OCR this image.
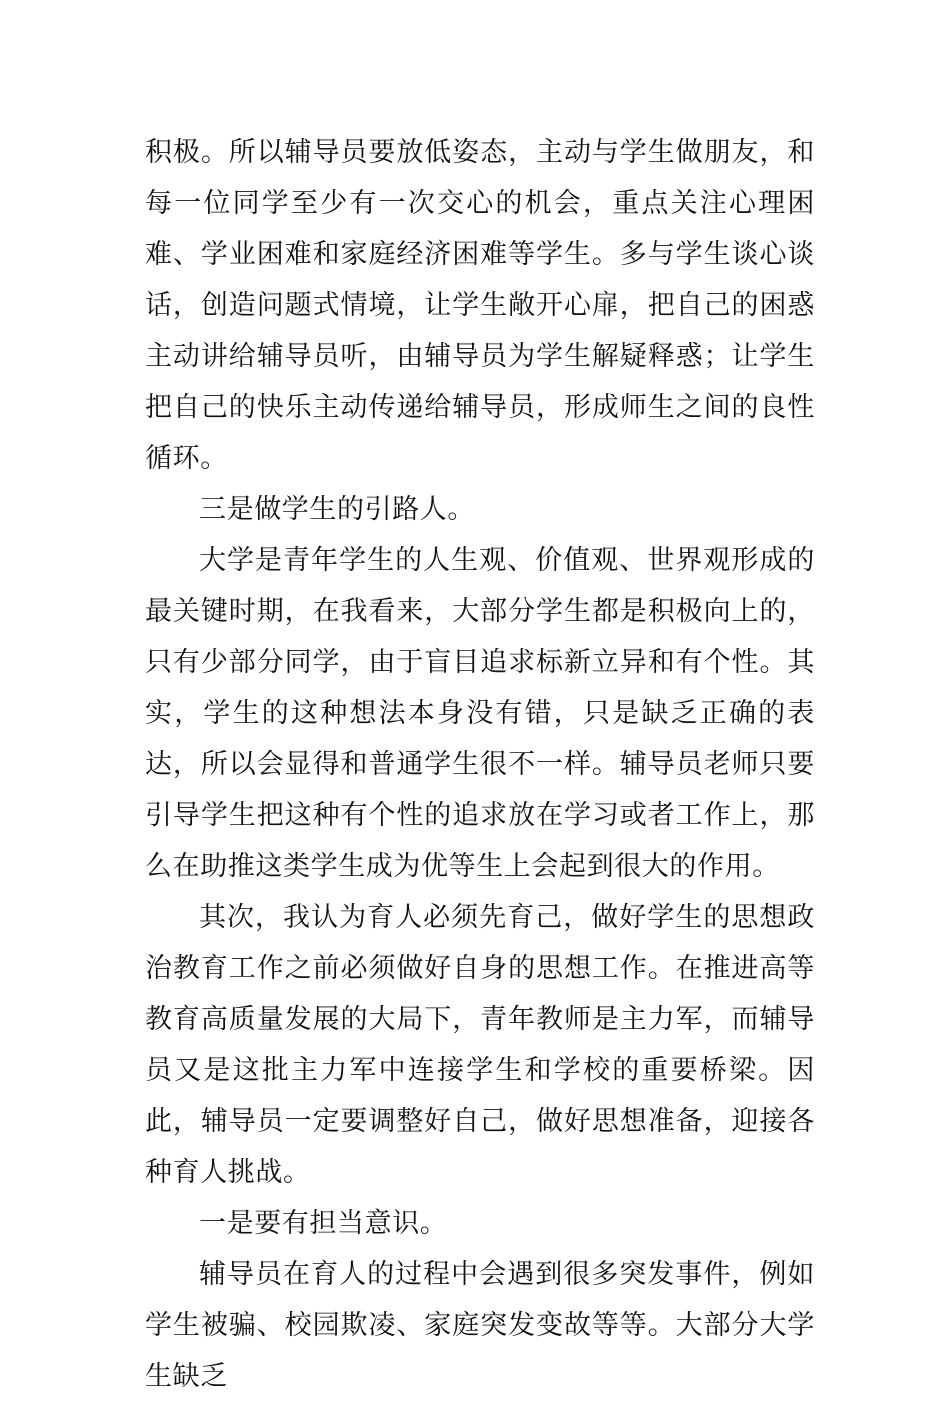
积极。所以辅导员要放低姿态，主动与学生做朋友，和每一位同学至少有一次交心的机会，重点关注心理困难、学业困难和家庭经济困难等学生。多与学生谈心谈话，创造问题式情境，让学生敞开心扉，把自己的困惑主动讲给辅导员听，由辅导员为学生解疑释惑；让学生把自己的快乐主动传递给辅导员，形成师生之间的良性循环。

三是做学生的引路人。

大学是青年学生的人生观、价值观、世界观形成的最关键时期，在我看来，大部分学生都是积极向上的，只有少部分同学，由于盲目追求标新立异和有个性。其实，学生的这种想法本身没有错，只是缺乏正确的表达，所以会显得和普通学生很不一样。辅导员老师只要引导学生把这种有个性的追求放在学习或者工作上，那么在助推这类学生成为优等生上会起到很大的作用。

其次，我认为育人必须先育己，做好学生的思想政治教育工作之前必须做好自身的思想工作。在推进高等教育高质量发展的大局下，青年教师是主力军，而辅导员又是这批主力军中连接学生和学校的重要桥梁。因此，辅导员一定要调整好自己，做好思想准备，迎接各种育人挑战。

一是要有担当意识。

辅导员在育人的过程中会遇到很多突发事件，例如学生被骗、校园欺凌、家庭突发变故等等。大部分大学生缺乏
